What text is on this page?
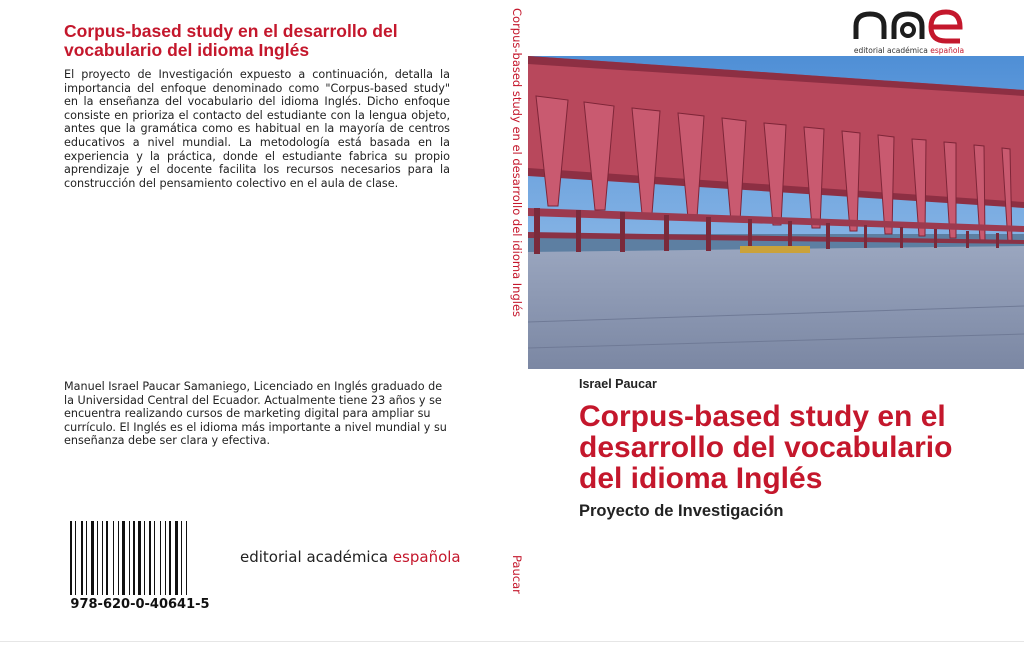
Corpus-based study en el desarrollo del vocabulario del idioma Inglés

El proyecto de Investigación expuesto a continuación, detalla la importancia del enfoque denominado como "Corpus-based study" en la enseñanza del vocabulario del idioma Inglés. Dicho enfoque consiste en prioriza el contacto del estudiante con la lengua objeto, antes que la gramática como es habitual en la mayoría de centros educativos a nivel mundial. La metodología está basada en la experiencia y la práctica, donde el estudiante fabrica su propio aprendizaje y el docente facilita los recursos necesarios para la construcción del pensamiento colectivo en el aula de clase.

Manuel Israel Paucar Samaniego, Licenciado en Inglés graduado de la Universidad Central del Ecuador. Actualmente tiene 23 años y se encuentra realizando cursos de marketing digital para ampliar su currículo. El Inglés es el idioma más importante a nivel mundial y su enseñanza debe ser clara y efectiva.

978-620-0-40641-5
editorial académica española
Corpus-based study en el desarrollo del idioma Inglés
Paucar
editorial académica española
Israel Paucar
Corpus-based study en el desarrollo del vocabulario del idioma Inglés
Proyecto de Investigación
